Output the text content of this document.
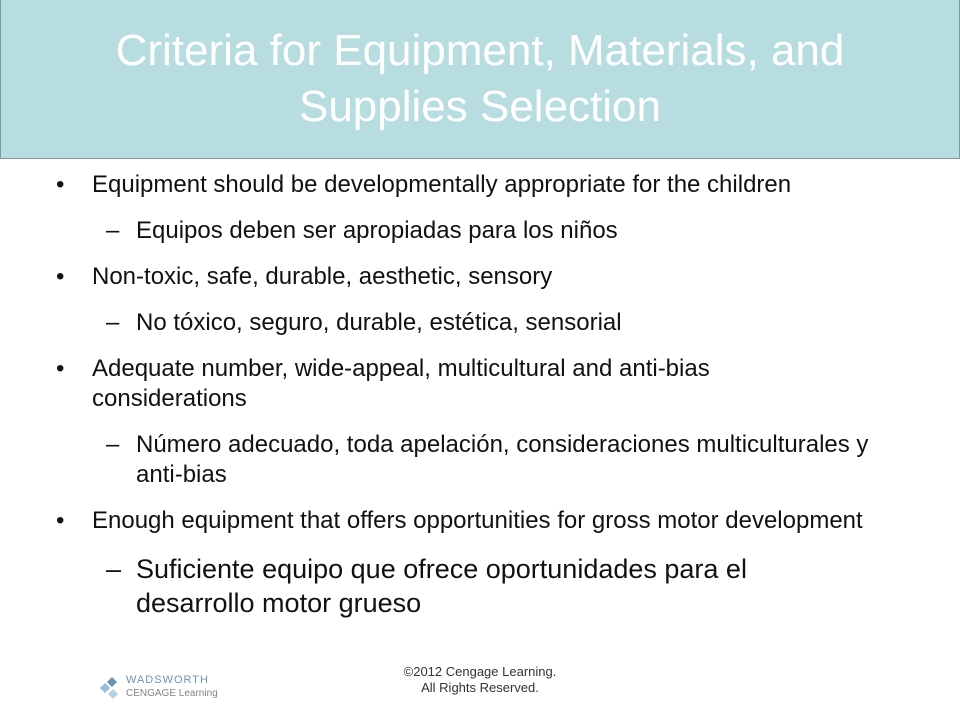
Criteria for Equipment, Materials, and Supplies Selection
• Equipment should be developmentally appropriate for the children
– Equipos deben ser apropiadas para los niños
• Non-toxic, safe, durable, aesthetic, sensory
– No tóxico, seguro, durable, estética, sensorial
• Adequate number, wide-appeal, multicultural and anti-bias considerations
– Número adecuado, toda apelación, consideraciones multiculturales y anti-bias
• Enough equipment that offers opportunities for gross motor development
– Suficiente equipo que ofrece oportunidades para el desarrollo motor grueso
WADSWORTH
CENGAGE Learning
©2012 Cengage Learning.
All Rights Reserved.
